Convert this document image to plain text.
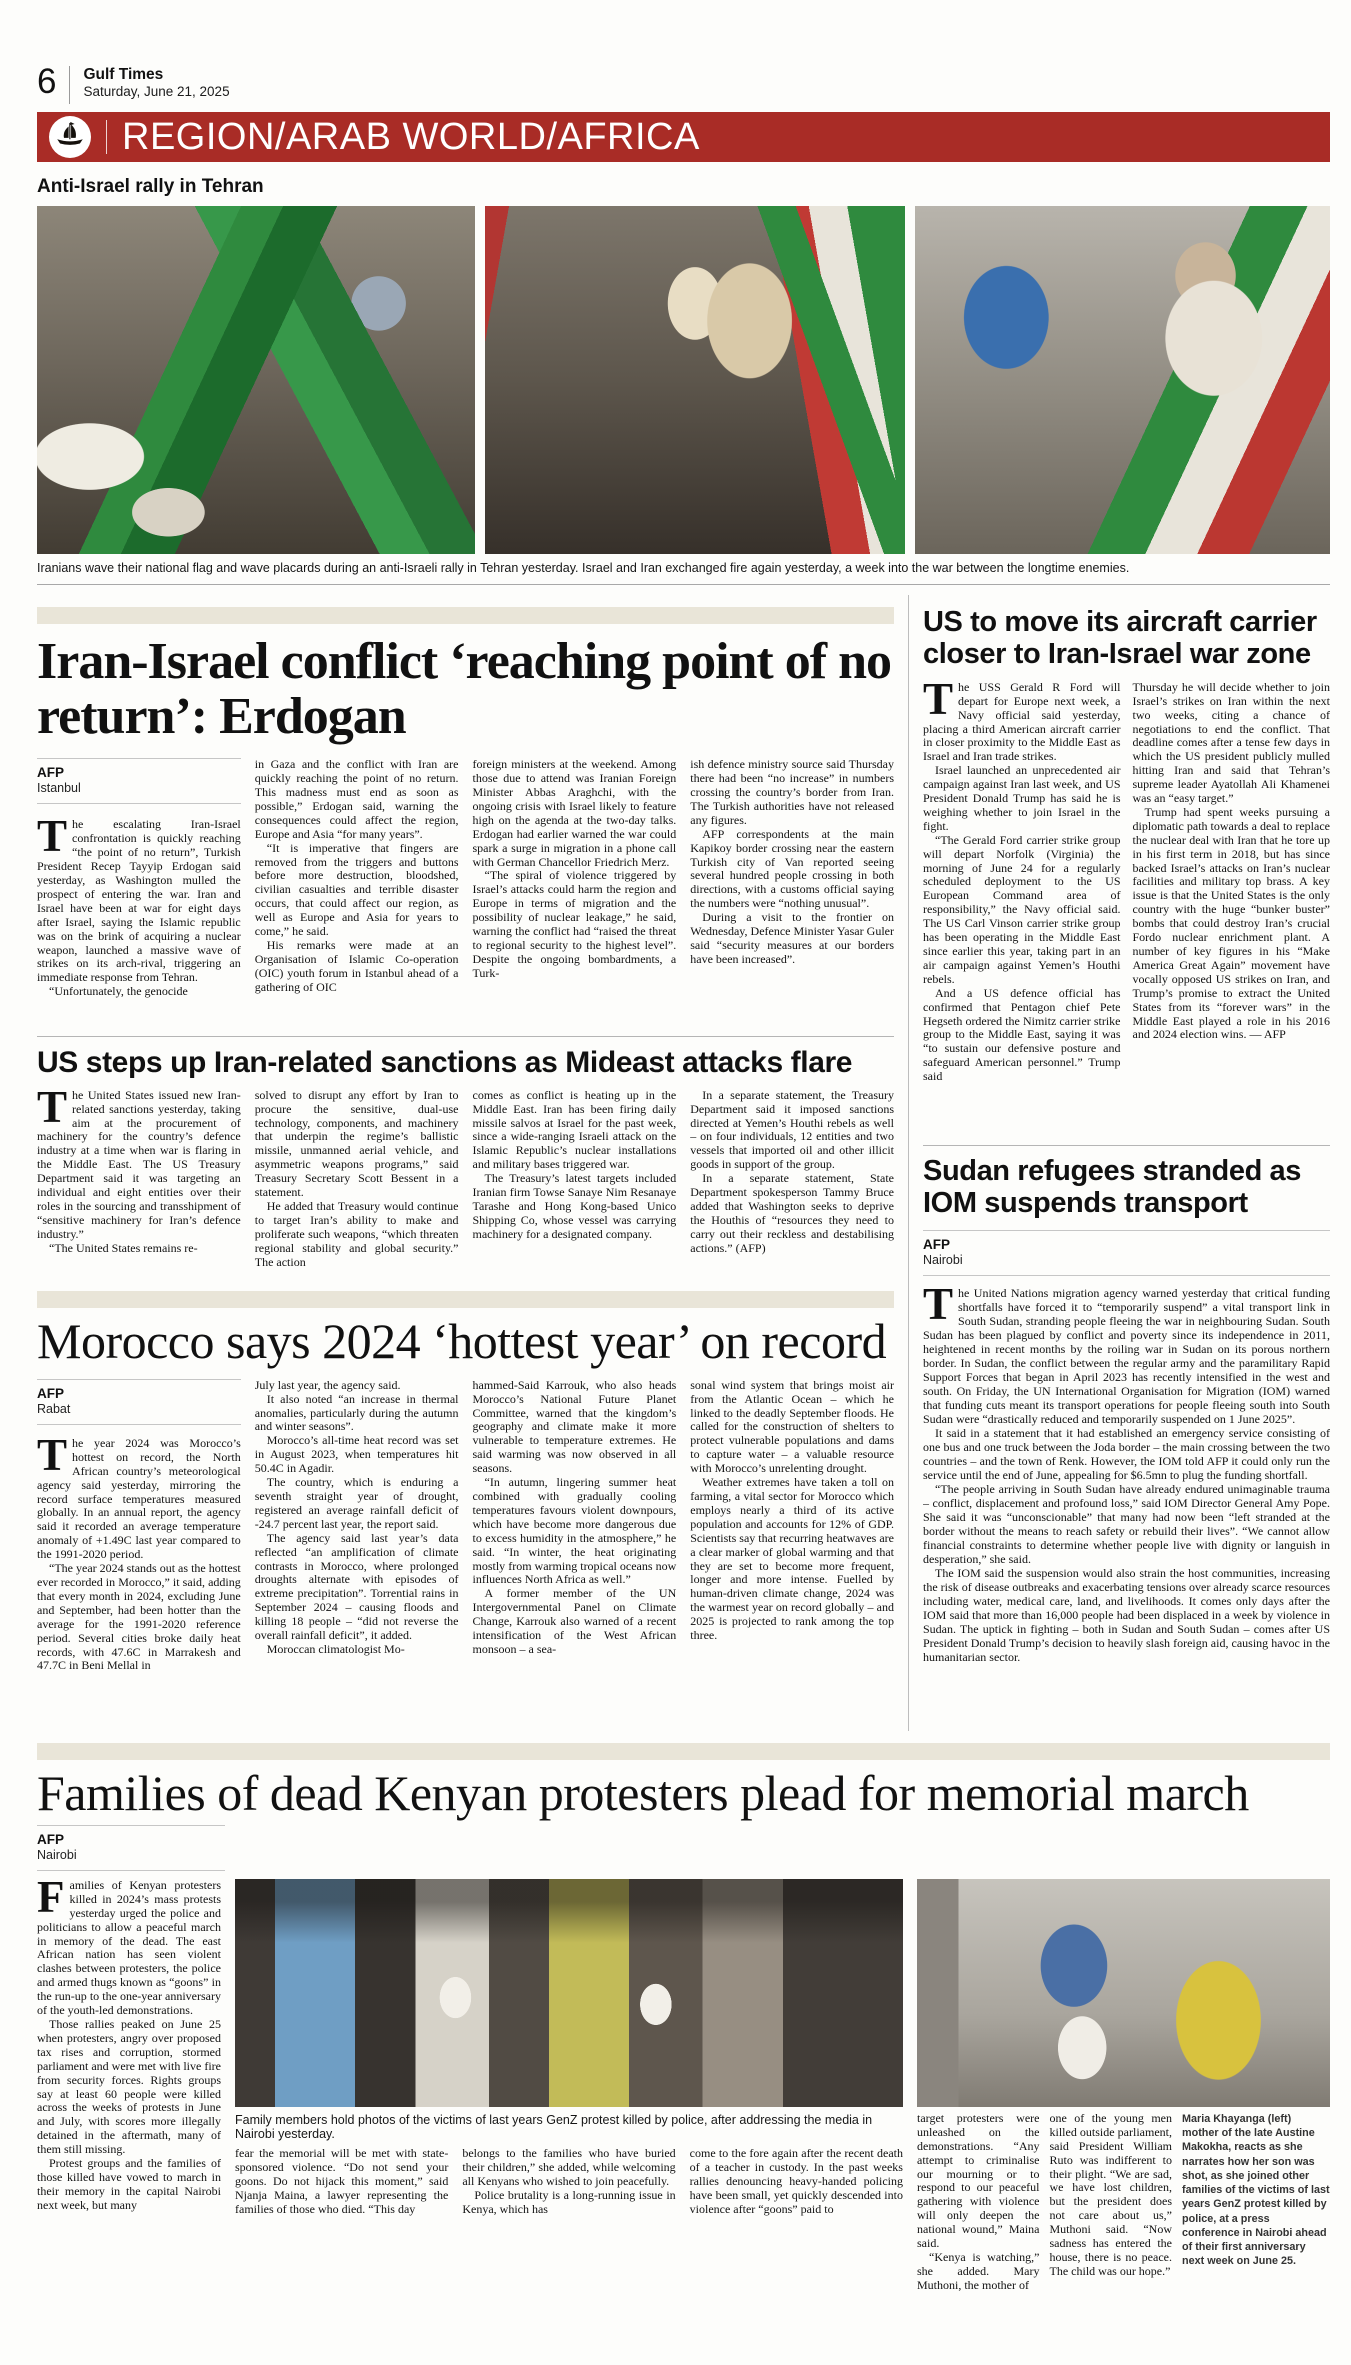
6 Gulf Times
Saturday, June 21, 2025
REGION/ARAB WORLD/AFRICA
Anti-Israel rally in Tehran

Iranians wave their national flag and wave placards during an anti-Israeli rally in Tehran yesterday. Israel and Iran exchanged fire again yesterday, a week into the war between the longtime enemies.

Iran-Israel conflict ‘reaching point of no return’: Erdogan
AFP
Istanbul

The escalating Iran-Israel confrontation is quickly reaching “the point of no return”, Turkish President Recep Tayyip Erdogan said yesterday, as Washington mulled the prospect of entering the war. Iran and Israel have been at war for eight days after Israel, saying the Islamic republic was on the brink of acquiring a nuclear weapon, launched a massive wave of strikes on its arch-rival, triggering an immediate response from Tehran.

“Unfortunately, the genocide

in Gaza and the conflict with Iran are quickly reaching the point of no return. This madness must end as soon as possible,” Erdogan said, warning the consequences could affect the region, Europe and Asia “for many years”.

“It is imperative that fingers are removed from the triggers and buttons before more destruction, bloodshed, civilian casualties and terrible disaster occurs, that could affect our region, as well as Europe and Asia for years to come,” he said.

His remarks were made at an Organisation of Islamic Co-operation (OIC) youth forum in Istanbul ahead of a gathering of OIC

foreign ministers at the weekend. Among those due to attend was Iranian Foreign Minister Abbas Araghchi, with the ongoing crisis with Israel likely to feature high on the agenda at the two-day talks. Erdogan had earlier warned the war could spark a surge in migration in a phone call with German Chancellor Friedrich Merz.

“The spiral of violence triggered by Israel’s attacks could harm the region and Europe in terms of migration and the possibility of nuclear leakage,” he said, warning the conflict had “raised the threat to regional security to the highest level”. Despite the ongoing bombardments, a Turk-

ish defence ministry source said Thursday there had been “no increase” in numbers crossing the country’s border from Iran. The Turkish authorities have not released any figures.

AFP correspondents at the main Kapikoy border crossing near the eastern Turkish city of Van reported seeing several hundred people crossing in both directions, with a customs official saying the numbers were “nothing unusual”.

During a visit to the frontier on Wednesday, Defence Minister Yasar Guler said “security measures at our borders have been increased”.

US steps up Iran-related sanctions as Mideast attacks flare

The United States issued new Iran-related sanctions yesterday, taking aim at the procurement of machinery for the country’s defence industry at a time when war is flaring in the Middle East. The US Treasury Department said it was targeting an individual and eight entities over their roles in the sourcing and transshipment of “sensitive machinery for Iran’s defence industry.”

“The United States remains re-

solved to disrupt any effort by Iran to procure the sensitive, dual-use technology, components, and machinery that underpin the regime’s ballistic missile, unmanned aerial vehicle, and asymmetric weapons programs,” said Treasury Secretary Scott Bessent in a statement.

He added that Treasury would continue to target Iran’s ability to make and proliferate such weapons, “which threaten regional stability and global security.” The action

comes as conflict is heating up in the Middle East. Iran has been firing daily missile salvos at Israel for the past week, since a wide-ranging Israeli attack on the Islamic Republic’s nuclear installations and military bases triggered war.

The Treasury’s latest targets included Iranian firm Towse Sanaye Nim Resanaye Tarashe and Hong Kong-based Unico Shipping Co, whose vessel was carrying machinery for a designated company.

In a separate statement, the Treasury Department said it imposed sanctions directed at Yemen’s Houthi rebels as well – on four individuals, 12 entities and two vessels that imported oil and other illicit goods in support of the group.

In a separate statement, State Department spokesperson Tammy Bruce added that Washington seeks to deprive the Houthis of “resources they need to carry out their reckless and destabilising actions.” (AFP)

Morocco says 2024 ‘hottest year’ on record
AFP
Rabat

The year 2024 was Morocco’s hottest on record, the North African country’s meteorological agency said yesterday, mirroring the record surface temperatures measured globally. In an annual report, the agency said it recorded an average temperature anomaly of +1.49C last year compared to the 1991-2020 period.

“The year 2024 stands out as the hottest ever recorded in Morocco,” it said, adding that every month in 2024, excluding June and September, had been hotter than the average for the 1991-2020 reference period. Several cities broke daily heat records, with 47.6C in Marrakesh and 47.7C in Beni Mellal in

July last year, the agency said.

It also noted “an increase in thermal anomalies, particularly during the autumn and winter seasons”.

Morocco’s all-time heat record was set in August 2023, when temperatures hit 50.4C in Agadir.

The country, which is enduring a seventh straight year of drought, registered an average rainfall deficit of -24.7 percent last year, the report said.

The agency said last year’s data reflected “an amplification of climate contrasts in Morocco, where prolonged droughts alternate with episodes of extreme precipitation”. Torrential rains in September 2024 – causing floods and killing 18 people – “did not reverse the overall rainfall deficit”, it added.

Moroccan climatologist Mo-

hammed-Said Karrouk, who also heads Morocco’s National Future Planet Committee, warned that the kingdom’s geography and climate make it more vulnerable to temperature extremes. He said warming was now observed in all seasons.

“In autumn, lingering summer heat combined with gradually cooling temperatures favours violent downpours, which have become more dangerous due to excess humidity in the atmosphere,” he said. “In winter, the heat originating mostly from warming tropical oceans now influences North Africa as well.”

A former member of the UN Intergovernmental Panel on Climate Change, Karrouk also warned of a recent intensification of the West African monsoon – a sea-

sonal wind system that brings moist air from the Atlantic Ocean – which he linked to the deadly September floods. He called for the construction of shelters to protect vulnerable populations and dams to capture water – a valuable resource with Morocco’s unrelenting drought.

Weather extremes have taken a toll on farming, a vital sector for Morocco which employs nearly a third of its active population and accounts for 12% of GDP. Scientists say that recurring heatwaves are a clear marker of global warming and that they are set to become more frequent, longer and more intense. Fuelled by human-driven climate change, 2024 was the warmest year on record globally – and 2025 is projected to rank among the top three.

US to move its aircraft carrier closer to Iran-Israel war zone

The USS Gerald R Ford will depart for Europe next week, a Navy official said yesterday, placing a third American aircraft carrier in closer proximity to the Middle East as Israel and Iran trade strikes.

Israel launched an unprecedented air campaign against Iran last week, and US President Donald Trump has said he is weighing whether to join Israel in the fight.

“The Gerald Ford carrier strike group will depart Norfolk (Virginia) the morning of June 24 for a regularly scheduled deployment to the US European Command area of responsibility,” the Navy official said. The US Carl Vinson carrier strike group has been operating in the Middle East since earlier this year, taking part in an air campaign against Yemen’s Houthi rebels.

And a US defence official has confirmed that Pentagon chief Pete Hegseth ordered the Nimitz carrier strike group to the Middle East, saying it was “to sustain our defensive posture and safeguard American personnel.” Trump said

Thursday he will decide whether to join Israel’s strikes on Iran within the next two weeks, citing a chance of negotiations to end the conflict. That deadline comes after a tense few days in which the US president publicly mulled hitting Iran and said that Tehran’s supreme leader Ayatollah Ali Khamenei was an “easy target.”

Trump had spent weeks pursuing a diplomatic path towards a deal to replace the nuclear deal with Iran that he tore up in his first term in 2018, but has since backed Israel’s attacks on Iran’s nuclear facilities and military top brass. A key issue is that the United States is the only country with the huge “bunker buster” bombs that could destroy Iran’s crucial Fordo nuclear enrichment plant. A number of key figures in his “Make America Great Again” movement have vocally opposed US strikes on Iran, and Trump’s promise to extract the United States from its “forever wars” in the Middle East played a role in his 2016 and 2024 election wins. — AFP

Sudan refugees stranded as IOM suspends transport
AFP
Nairobi

The United Nations migration agency warned yesterday that critical funding shortfalls have forced it to “temporarily suspend” a vital transport link in South Sudan, stranding people fleeing the war in neighbouring Sudan. South Sudan has been plagued by conflict and poverty since its independence in 2011, heightened in recent months by the roiling war in Sudan on its porous northern border. In Sudan, the conflict between the regular army and the paramilitary Rapid Support Forces that began in April 2023 has recently intensified in the west and south. On Friday, the UN International Organisation for Migration (IOM) warned that funding cuts meant its transport operations for people fleeing south into South Sudan were “drastically reduced and temporarily suspended on 1 June 2025”.

It said in a statement that it had established an emergency service consisting of one bus and one truck between the Joda border – the main crossing between the two countries – and the town of Renk. However, the IOM told AFP it could only run the service until the end of June, appealing for $6.5mn to plug the funding shortfall.

“The people arriving in South Sudan have already endured unimaginable trauma – conflict, displacement and profound loss,” said IOM Director General Amy Pope. She said it was “unconscionable” that many had now been “left stranded at the border without the means to reach safety or rebuild their lives”. “We cannot allow financial constraints to determine whether people live with dignity or languish in desperation,” she said.

The IOM said the suspension would also strain the host communities, increasing the risk of disease outbreaks and exacerbating tensions over already scarce resources including water, medical care, land, and livelihoods. It comes only days after the IOM said that more than 16,000 people had been displaced in a week by violence in Sudan. The uptick in fighting – both in Sudan and South Sudan – comes after US President Donald Trump’s decision to heavily slash foreign aid, causing havoc in the humanitarian sector.

Families of dead Kenyan protesters plead for memorial march
AFP
Nairobi

Families of Kenyan protesters killed in 2024’s mass protests yesterday urged the police and politicians to allow a peaceful march in memory of the dead. The east African nation has seen violent clashes between protesters, the police and armed thugs known as “goons” in the run-up to the one-year anniversary of the youth-led demonstrations.

Those rallies peaked on June 25 when protesters, angry over proposed tax rises and corruption, stormed parliament and were met with live fire from security forces. Rights groups say at least 60 people were killed across the weeks of protests in June and July, with scores more illegally detained in the aftermath, many of them still missing.

Protest groups and the families of those killed have vowed to march in their memory in the capital Nairobi next week, but many

Family members hold photos of the victims of last years GenZ protest killed by police, after addressing the media in Nairobi yesterday.

fear the memorial will be met with state-sponsored violence. “Do not send your goons. Do not hijack this moment,” said Njanja Maina, a lawyer representing the families of those who died. “This day

belongs to the families who have buried their children,” she added, while welcoming all Kenyans who wished to join peacefully.

Police brutality is a long-running issue in Kenya, which has

come to the fore again after the recent death of a teacher in custody. In the past weeks rallies denouncing heavy-handed policing have been small, yet quickly descended into violence after “goons” paid to

target protesters were unleashed on the demonstrations. “Any attempt to criminalise our mourning or to respond to our peaceful gathering with violence will only deepen the national wound,” Maina said.

“Kenya is watching,” she added. Mary Muthoni, the mother of

one of the young men killed outside parliament, said President William Ruto was indifferent to their plight. “We are sad, we have lost children, but the president does not care about us,” Muthoni said. “Now sadness has entered the house, there is no peace. The child was our hope.”

Maria Khayanga (left) mother of the late Austine Makokha, reacts as she narrates how her son was shot, as she joined other families of the victims of last years GenZ protest killed by police, at a press conference in Nairobi ahead of their first anniversary next week on June 25.
